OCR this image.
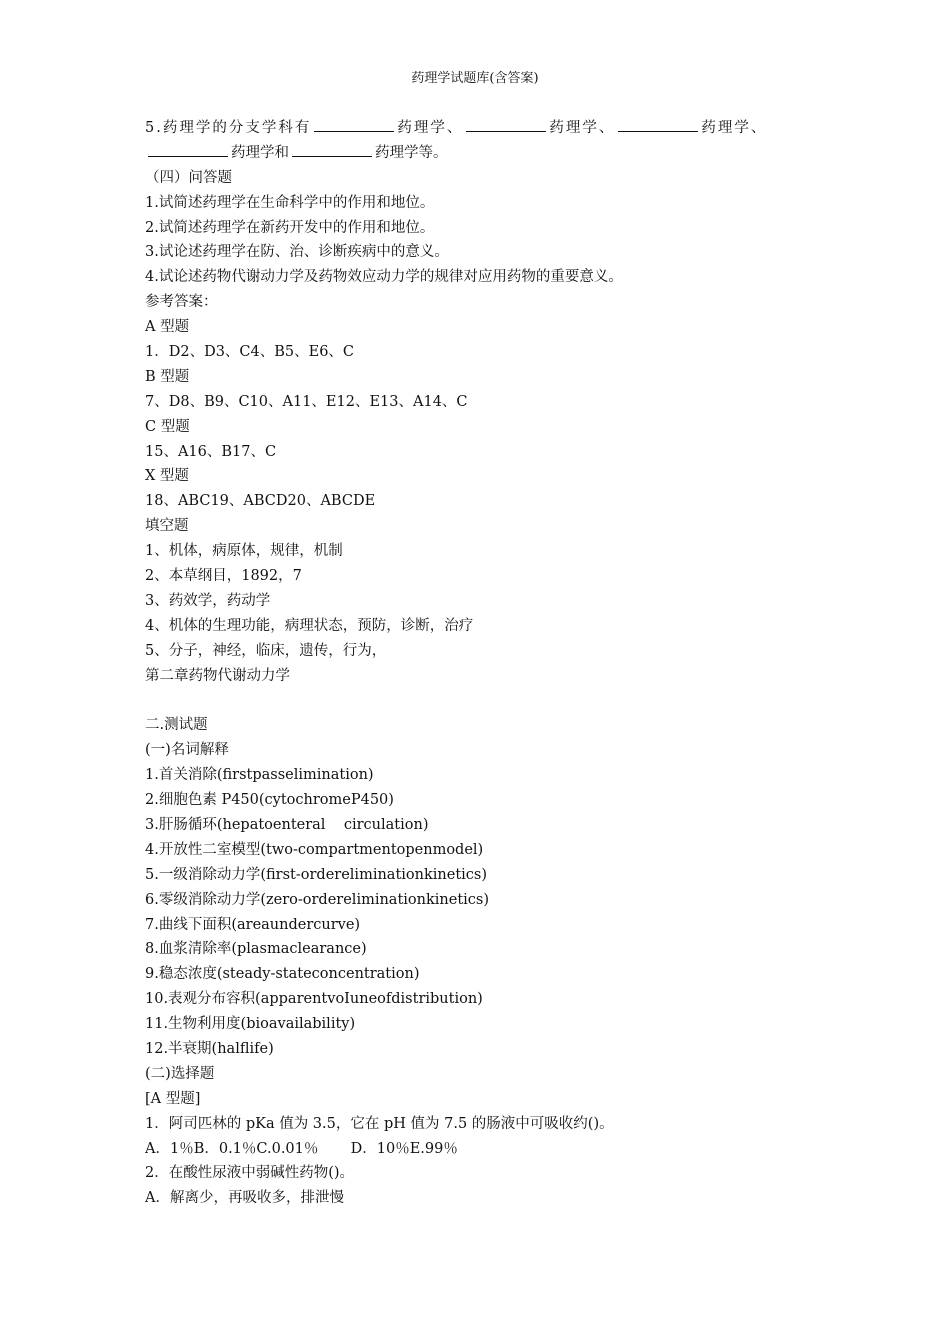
药理学试题库(含答案)
5.药理学的分支学科有	药理学、	药理学、	药理学、
药理学和	药理学等。
（四）问答题
1.试简述药理学在生命科学中的作用和地位。
2.试简述药理学在新药开发中的作用和地位。
3.试论述药理学在防、治、诊断疾病中的意义。
4.试论述药物代谢动力学及药物效应动力学的规律对应用药物的重要意义。
参考答案：
A 型题
1．D2、D3、C4、B5、E6、C
B 型题
7、D8、B9、C10、A11、E12、E13、A14、C
C 型题
15、A16、B17、C
X 型题
18、ABC19、ABCD20、ABCDE
填空题
1、机体，病原体，规律，机制
2、本草纲目，1892，7
3、药效学，药动学
4、机体的生理功能，病理状态，预防，诊断，治疗
5、分子，神经，临床，遗传，行为，
第二章药物代谢动力学
二.测试题
(一)名词解释
1.首关消除(firstpasselimination)
2.细胞色素 P450(cytochromeP450)
3.肝肠循环(hepatoenteral    circulation)
4.开放性二室模型(two-compartmentopenmodel)
5.一级消除动力学(first-ordereliminationkinetics)
6.零级消除动力学(zero-ordereliminationkinetics)
7.曲线下面积(areaundercurve)
8.血浆清除率(plasmaclearance)
9.稳态浓度(steady-stateconcentration)
10.表观分布容积(apparentvoIuneofdistribution)
11.生物利用度(bioavailability)
12.半衰期(halflife)
(二)选择题
[A 型题]
1．阿司匹林的 pKa 值为 3.5，它在 pH 值为 7.5 的肠液中可吸收约()。
A．1％B．0.1％C.0.01％       D．10％E.99％
2．在酸性尿液中弱碱性药物()。
A．解离少，再吸收多，排泄慢
